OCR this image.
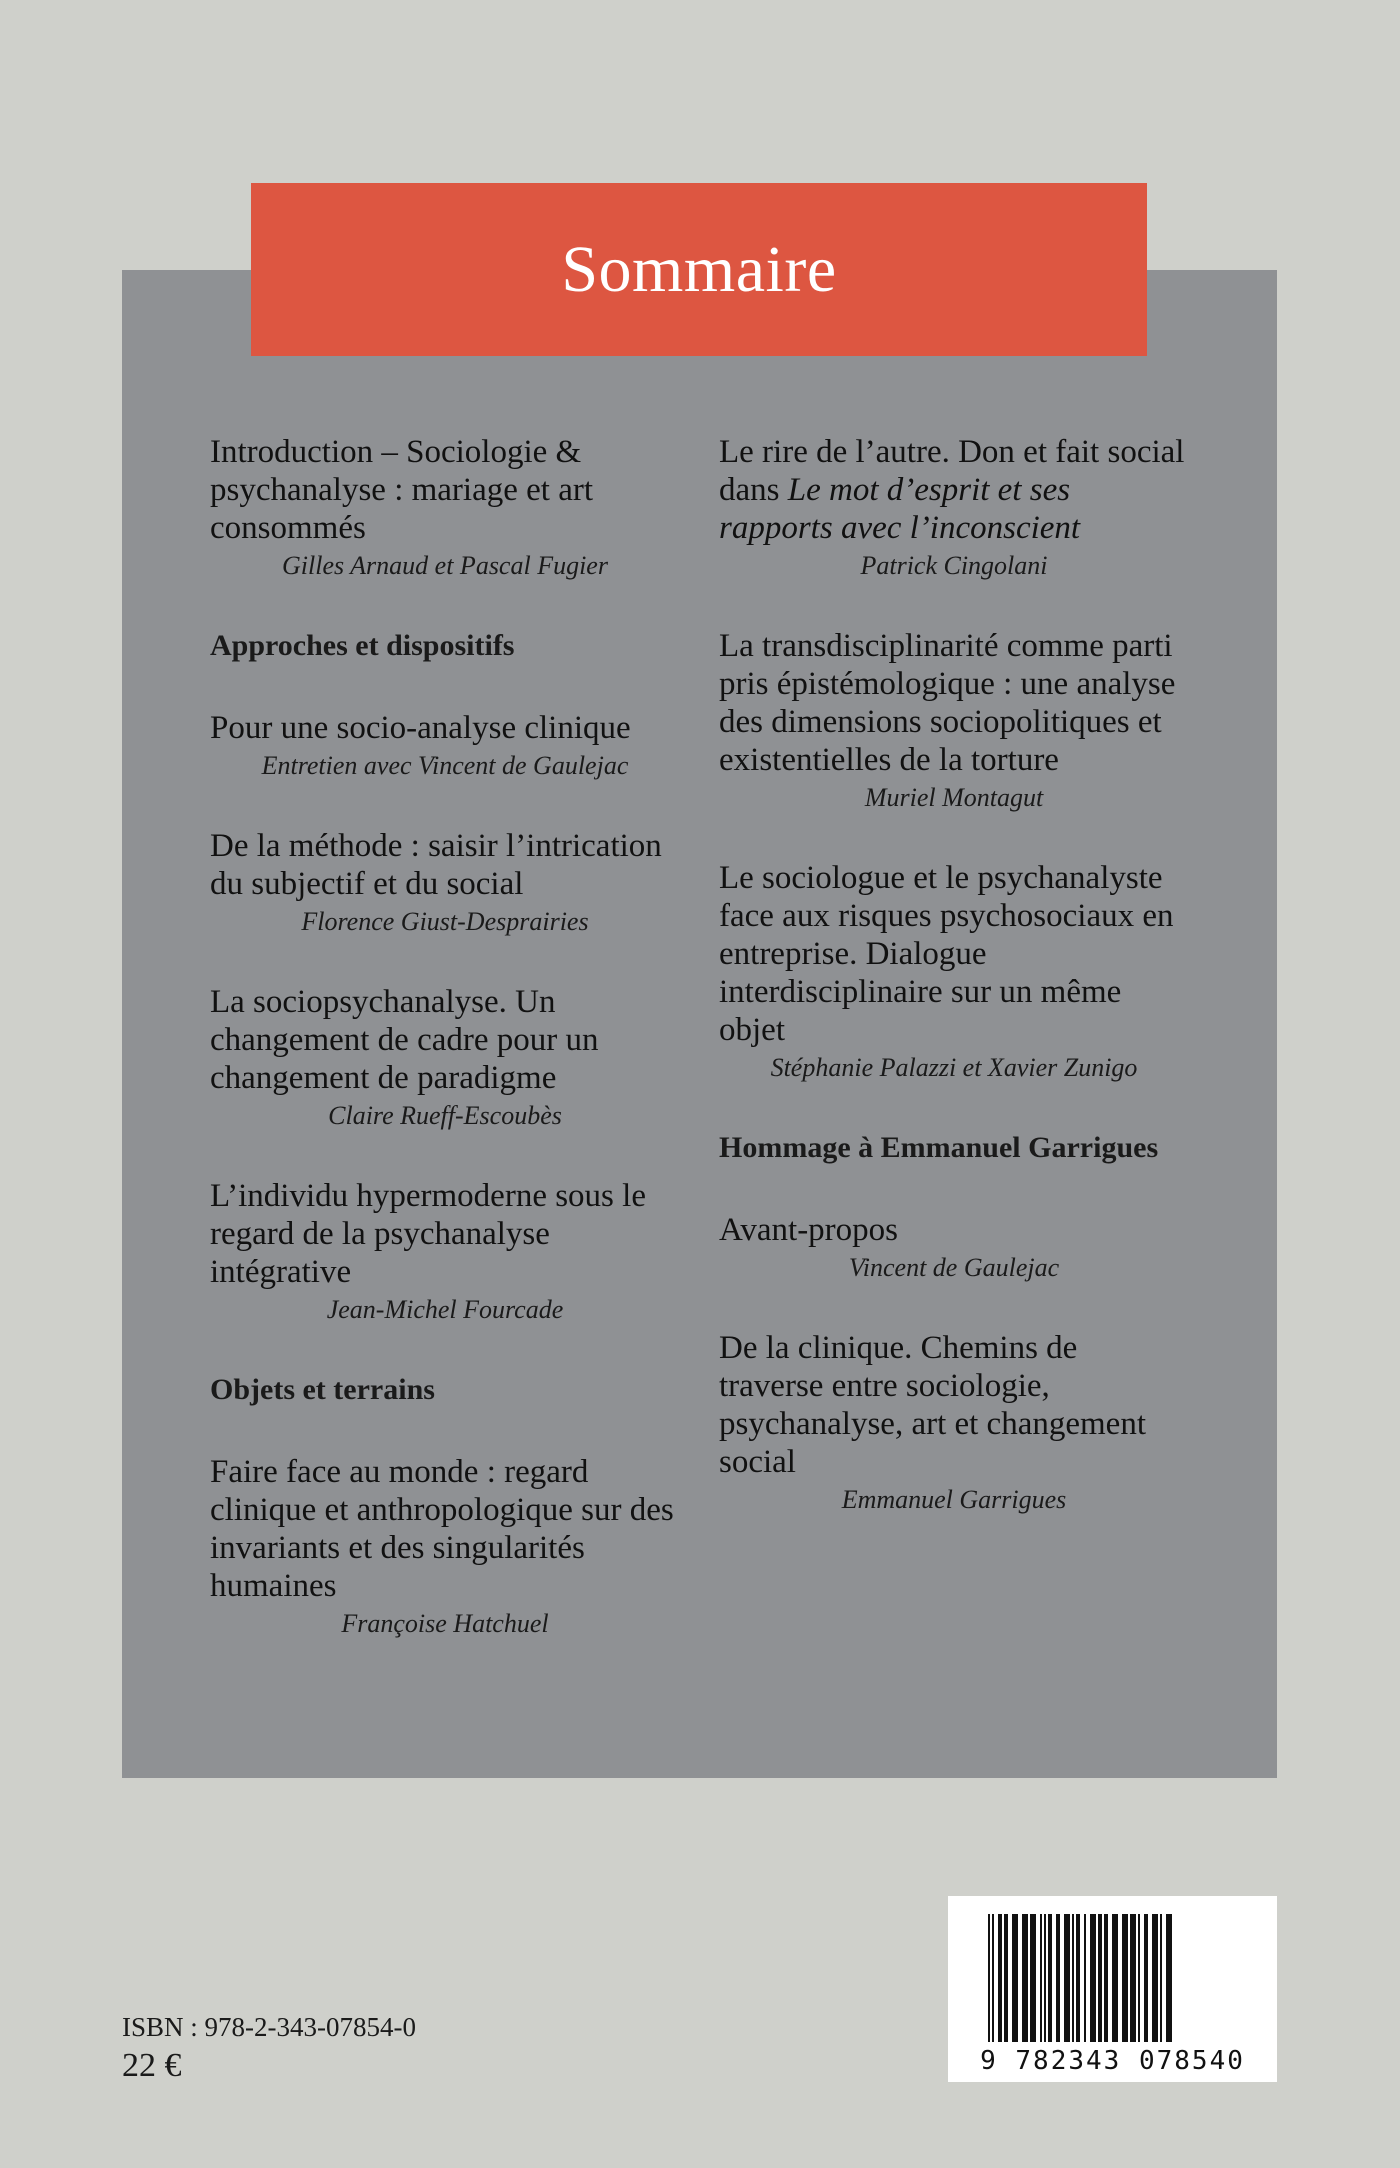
Sommaire
Introduction – Sociologie & psychanalyse : mariage et art consommés
Gilles Arnaud et Pascal Fugier
Approches et dispositifs
Pour une socio-analyse clinique
Entretien avec Vincent de Gaulejac
De la méthode : saisir l’intrication du subjectif et du social
Florence Giust-Desprairies
La sociopsychanalyse. Un changement de cadre pour un changement de paradigme
Claire Rueff-Escoubès
L’individu hypermoderne sous le regard de la psychanalyse intégrative
Jean-Michel Fourcade
Objets et terrains
Faire face au monde : regard clinique et anthropologique sur des invariants et des singularités humaines
Françoise Hatchuel
Le rire de l’autre. Don et fait social dans Le mot d’esprit et ses rapports avec l’inconscient
Patrick Cingolani
La transdisciplinarité comme parti pris épistémologique : une analyse des dimensions sociopolitiques et existentielles de la torture
Muriel Montagut
Le sociologue et le psychanalyste face aux risques psychosociaux en entreprise. Dialogue interdisciplinaire sur un même objet
Stéphanie Palazzi et Xavier Zunigo
Hommage à Emmanuel Garrigues
Avant-propos
Vincent de Gaulejac
De la clinique. Chemins de traverse entre sociologie, psychanalyse, art et changement social
Emmanuel Garrigues
ISBN : 978-2-343-07854-0
22 €	9 782343 078540
